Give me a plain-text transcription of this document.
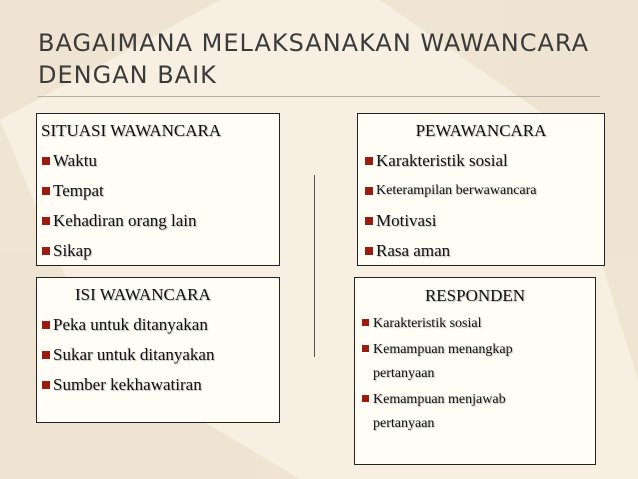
BAGAIMANA MELAKSANAKAN WAWANCARA
DENGAN BAIK
SITUASI WAWANCARA
Waktu
Tempat
Kehadiran orang lain
Sikap
PEWAWANCARA
Karakteristik sosial
Keterampilan berwawancara
Motivasi
Rasa aman
ISI WAWANCARA
Peka untuk ditanyakan
Sukar untuk ditanyakan
Sumber kekhawatiran
RESPONDEN
Karakteristik sosial
Kemampuan menangkap
pertanyaan
Kemampuan menjawab
pertanyaan
